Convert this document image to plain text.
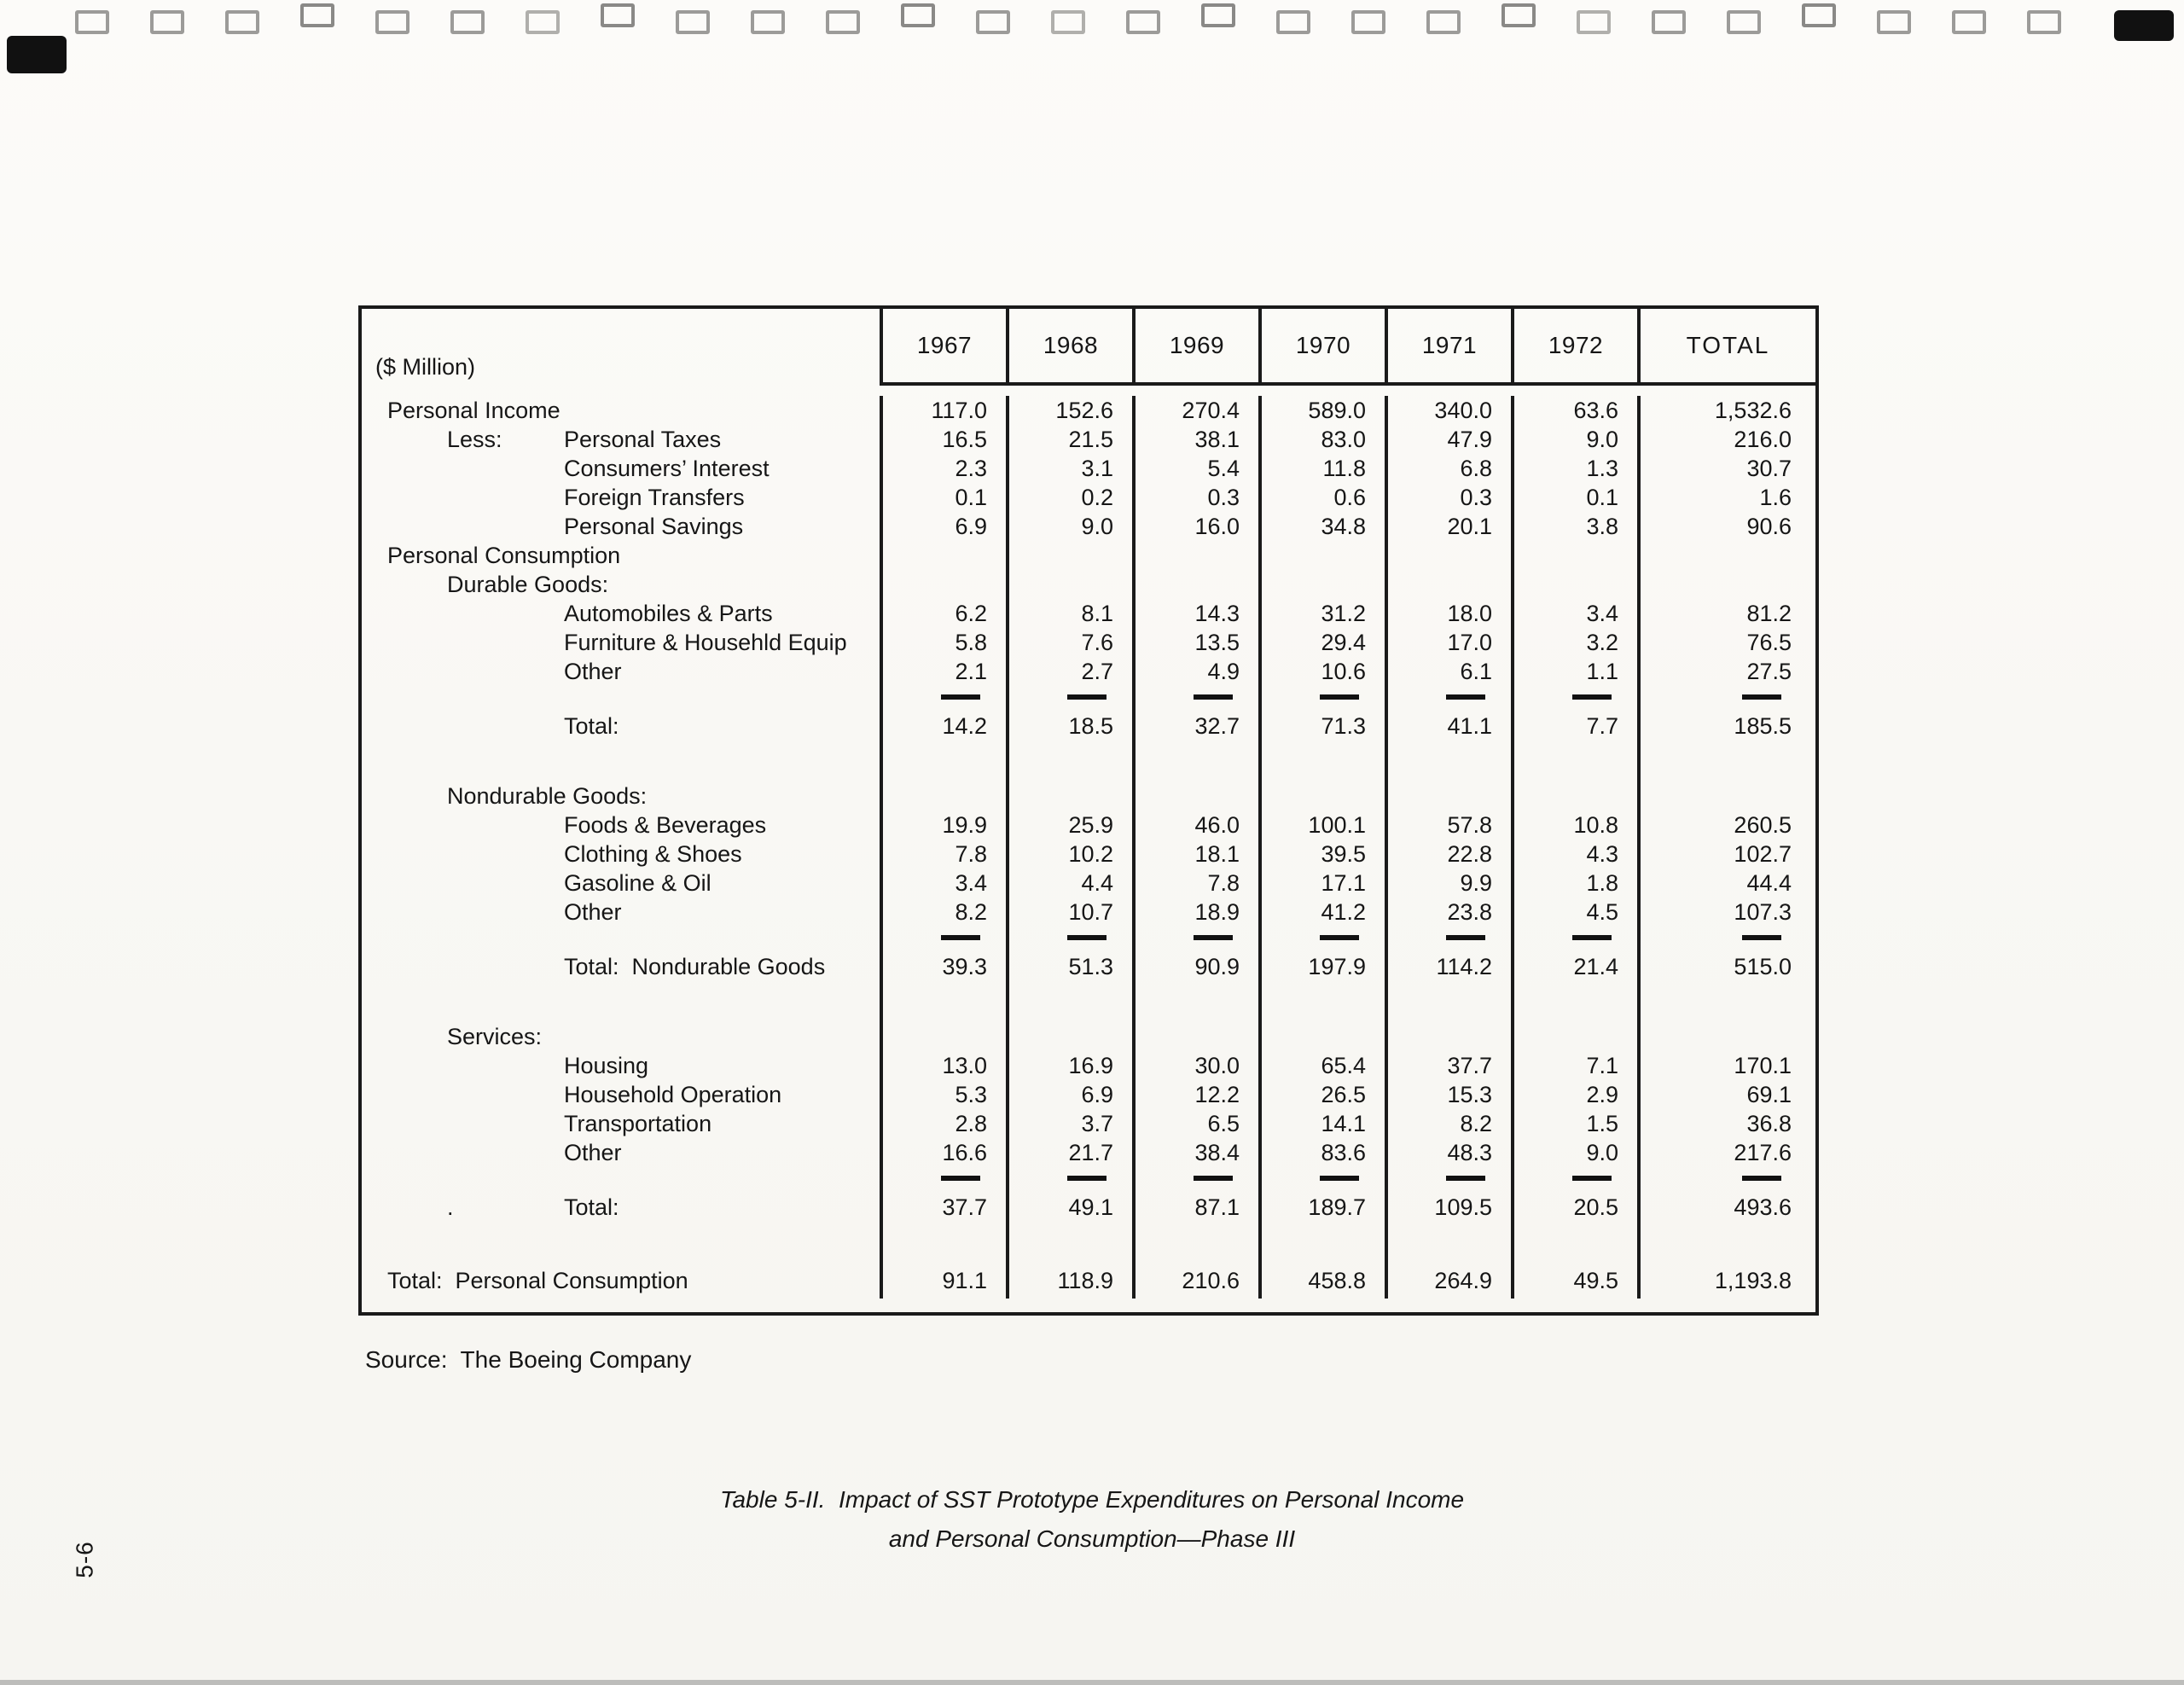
($ Million)
1967	1968	1969	1970	1971	1972	TOTAL
Personal Income	117.0	152.6	270.4	589.0	340.0	63.6	1,532.6
Less:	Personal Taxes	16.5	21.5	38.1	83.0	47.9	9.0	216.0
Consumers’ Interest	2.3	3.1	5.4	11.8	6.8	1.3	30.7
Foreign Transfers	0.1	0.2	0.3	0.6	0.3	0.1	1.6
Personal Savings	6.9	9.0	16.0	34.8	20.1	3.8	90.6
Personal Consumption
Durable Goods:
Automobiles & Parts	6.2	8.1	14.3	31.2	18.0	3.4	81.2
Furniture & Househld Equip	5.8	7.6	13.5	29.4	17.0	3.2	76.5
Other	2.1	2.7	4.9	10.6	6.1	1.1	27.5
Total:	14.2	18.5	32.7	71.3	41.1	7.7	185.5
Nondurable Goods:
Foods & Beverages	19.9	25.9	46.0	100.1	57.8	10.8	260.5
Clothing & Shoes	7.8	10.2	18.1	39.5	22.8	4.3	102.7
Gasoline & Oil	3.4	4.4	7.8	17.1	9.9	1.8	44.4
Other	8.2	10.7	18.9	41.2	23.8	4.5	107.3
Total:  Nondurable Goods	39.3	51.3	90.9	197.9	114.2	21.4	515.0
Services:
Housing	13.0	16.9	30.0	65.4	37.7	7.1	170.1
Household Operation	5.3	6.9	12.2	26.5	15.3	2.9	69.1
Transportation	2.8	3.7	6.5	14.1	8.2	1.5	36.8
Other	16.6	21.7	38.4	83.6	48.3	9.0	217.6
.	Total:	37.7	49.1	87.1	189.7	109.5	20.5	493.6
Total:  Personal Consumption	91.1	118.9	210.6	458.8	264.9	49.5	1,193.8
Source:  The Boeing Company
Table 5-II.  Impact of SST Prototype Expenditures on Personal Income
and Personal Consumption—Phase III
5-6
